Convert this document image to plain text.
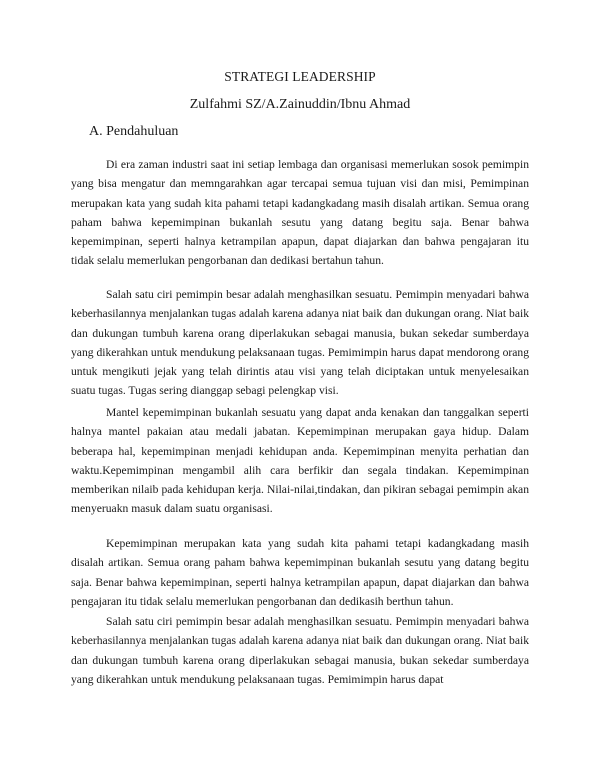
STRATEGI LEADERSHIP
Zulfahmi SZ/A.Zainuddin/Ibnu Ahmad
A. Pendahuluan

Di era zaman industri saat ini setiap lembaga dan organisasi memerlukan sosok pemimpin yang bisa mengatur dan memngarahkan agar tercapai semua tujuan visi dan misi, Pemimpinan merupakan kata yang sudah kita pahami tetapi kadangkadang masih disalah artikan. Semua orang paham bahwa kepemimpinan bukanlah sesutu yang datang begitu saja. Benar bahwa kepemimpinan, seperti halnya ketrampilan apapun, dapat diajarkan dan bahwa pengajaran itu tidak selalu memerlukan pengorbanan dan dedikasi bertahun tahun.

Salah satu ciri pemimpin besar adalah menghasilkan sesuatu. Pemimpin menyadari bahwa keberhasilannya menjalankan tugas adalah karena adanya niat baik dan dukungan orang. Niat baik dan dukungan tumbuh karena orang diperlakukan sebagai manusia, bukan sekedar sumberdaya yang dikerahkan untuk mendukung pelaksanaan tugas. Pemimimpin harus dapat mendorong orang untuk mengikuti jejak yang telah dirintis atau visi yang telah diciptakan untuk menyelesaikan suatu tugas. Tugas sering dianggap sebagi pelengkap visi.

Mantel kepemimpinan bukanlah sesuatu yang dapat anda kenakan dan tanggalkan seperti halnya mantel pakaian atau medali jabatan. Kepemimpinan merupakan gaya hidup. Dalam beberapa hal, kepemimpinan menjadi kehidupan anda. Kepemimpinan menyita perhatian dan waktu.Kepemimpinan mengambil alih cara berfikir dan segala tindakan. Kepemimpinan memberikan nilaib pada kehidupan kerja. Nilai-nilai,tindakan, dan pikiran sebagai pemimpin akan menyeruakn masuk dalam suatu organisasi.

Kepemimpinan merupakan kata yang sudah kita pahami tetapi kadangkadang masih disalah artikan. Semua orang paham bahwa kepemimpinan bukanlah sesutu yang datang begitu saja. Benar bahwa kepemimpinan, seperti halnya ketrampilan apapun, dapat diajarkan dan bahwa pengajaran itu tidak selalu memerlukan pengorbanan dan dedikasih berthun tahun.

Salah satu ciri pemimpin besar adalah menghasilkan sesuatu. Pemimpin menyadari bahwa keberhasilannya menjalankan tugas adalah karena adanya niat baik dan dukungan orang. Niat baik dan dukungan tumbuh karena orang diperlakukan sebagai manusia, bukan sekedar sumberdaya yang dikerahkan untuk mendukung pelaksanaan tugas. Pemimimpin harus dapat
